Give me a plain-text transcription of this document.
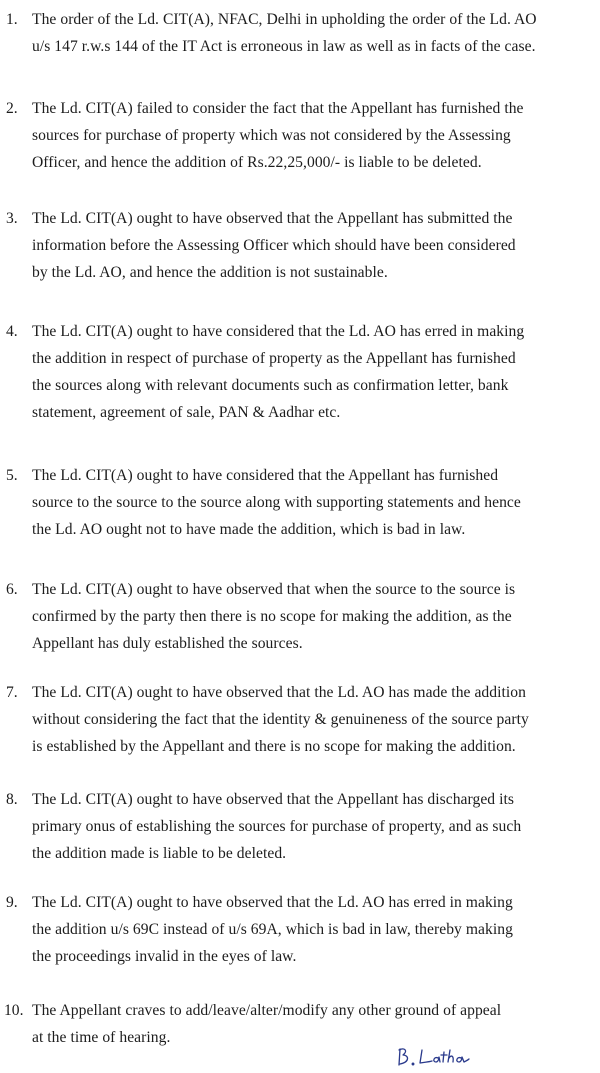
1. The order of the Ld. CIT(A), NFAC, Delhi in upholding the order of the Ld. AO
u/s 147 r.w.s 144 of the IT Act is erroneous in law as well as in facts of the case.
2. The Ld. CIT(A) failed to consider the fact that the Appellant has furnished the
sources for purchase of property which was not considered by the Assessing
Officer, and hence the addition of Rs.22,25,000/- is liable to be deleted.
3. The Ld. CIT(A) ought to have observed that the Appellant has submitted the
information before the Assessing Officer which should have been considered
by the Ld. AO, and hence the addition is not sustainable.
4. The Ld. CIT(A) ought to have considered that the Ld. AO has erred in making
the addition in respect of purchase of property as the Appellant has furnished
the sources along with relevant documents such as confirmation letter, bank
statement, agreement of sale, PAN & Aadhar etc.
5. The Ld. CIT(A) ought to have considered that the Appellant has furnished
source to the source to the source along with supporting statements and hence
the Ld. AO ought not to have made the addition, which is bad in law.
6. The Ld. CIT(A) ought to have observed that when the source to the source is
confirmed by the party then there is no scope for making the addition, as the
Appellant has duly established the sources.
7. The Ld. CIT(A) ought to have observed that the Ld. AO has made the addition
without considering the fact that the identity & genuineness of the source party
is established by the Appellant and there is no scope for making the addition.
8. The Ld. CIT(A) ought to have observed that the Appellant has discharged its
primary onus of establishing the sources for purchase of property, and as such
the addition made is liable to be deleted.
9. The Ld. CIT(A) ought to have observed that the Ld. AO has erred in making
the addition u/s 69C instead of u/s 69A, which is bad in law, thereby making
the proceedings invalid in the eyes of law.
10. The Appellant craves to add/leave/alter/modify any other ground of appeal
at the time of hearing.
